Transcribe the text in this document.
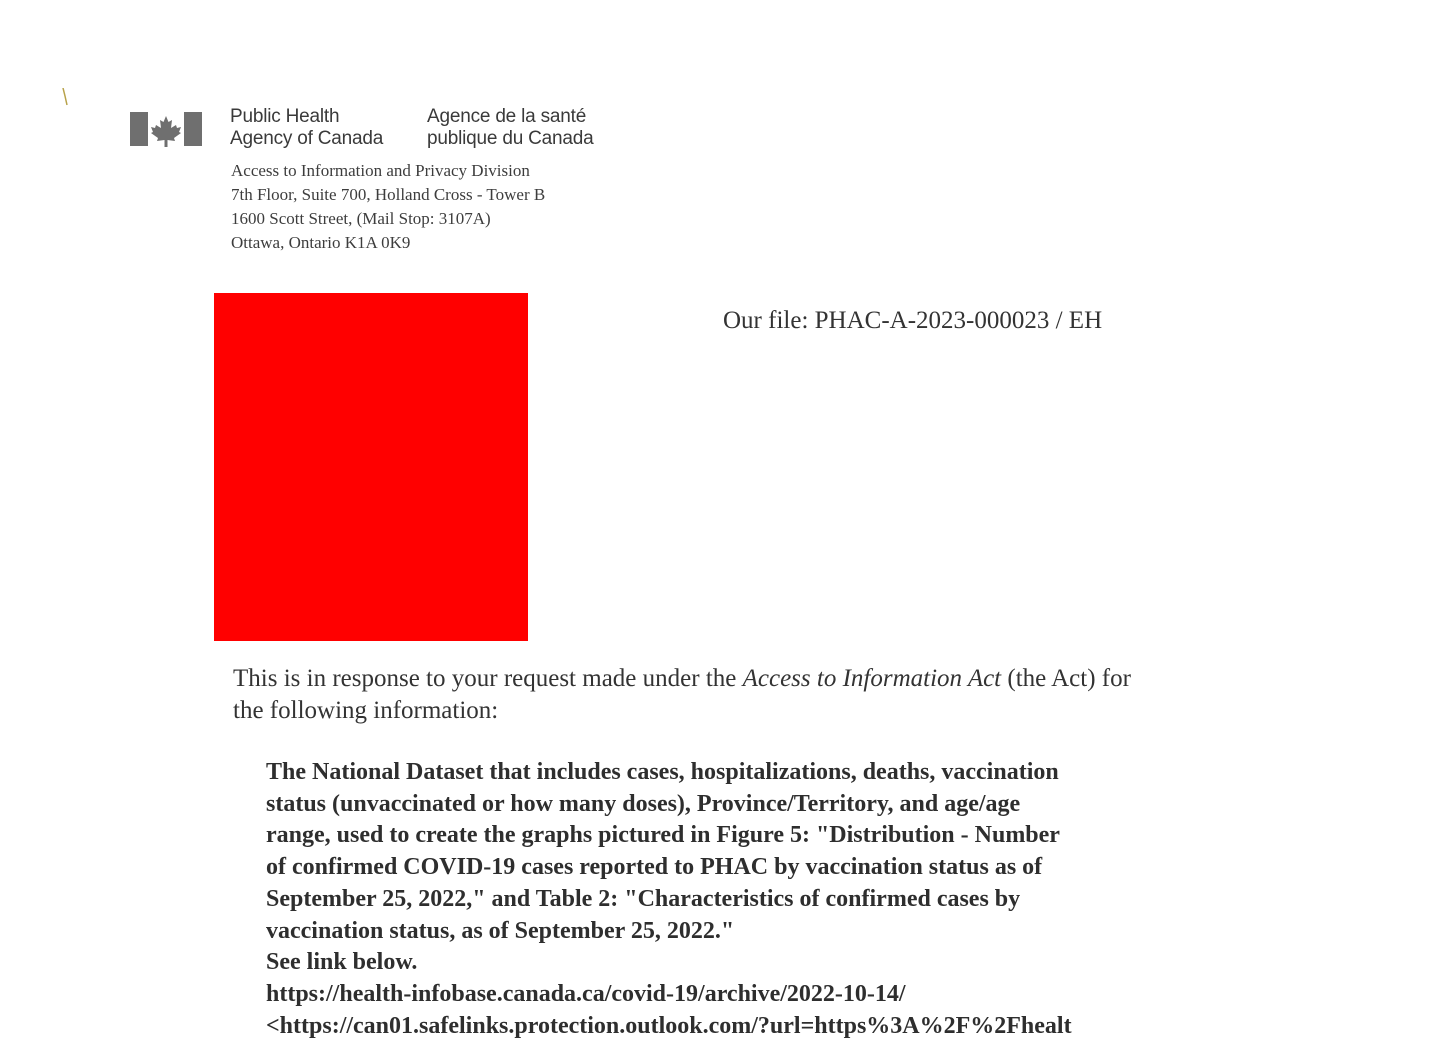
Public Health
Agency of Canada
Agence de la santé
publique du Canada
Access to Information and Privacy Division
7th Floor, Suite 700, Holland Cross - Tower B
1600 Scott Street, (Mail Stop: 3107A)
Ottawa, Ontario K1A 0K9
Our file: PHAC-A-2023-000023 / EH
This is in response to your request made under the Access to Information Act (the Act) for
the following information:
The National Dataset that includes cases, hospitalizations, deaths, vaccination
status (unvaccinated or how many doses), Province/Territory, and age/age
range, used to create the graphs pictured in Figure 5: "Distribution - Number
of confirmed COVID-19 cases reported to PHAC by vaccination status as of
September 25, 2022," and Table 2: "Characteristics of confirmed cases by
vaccination status, as of September 25, 2022."
See link below.
https://health-infobase.canada.ca/covid-19/archive/2022-10-14/
<https://can01.safelinks.protection.outlook.com/?url=https%3A%2F%2Fhealt
